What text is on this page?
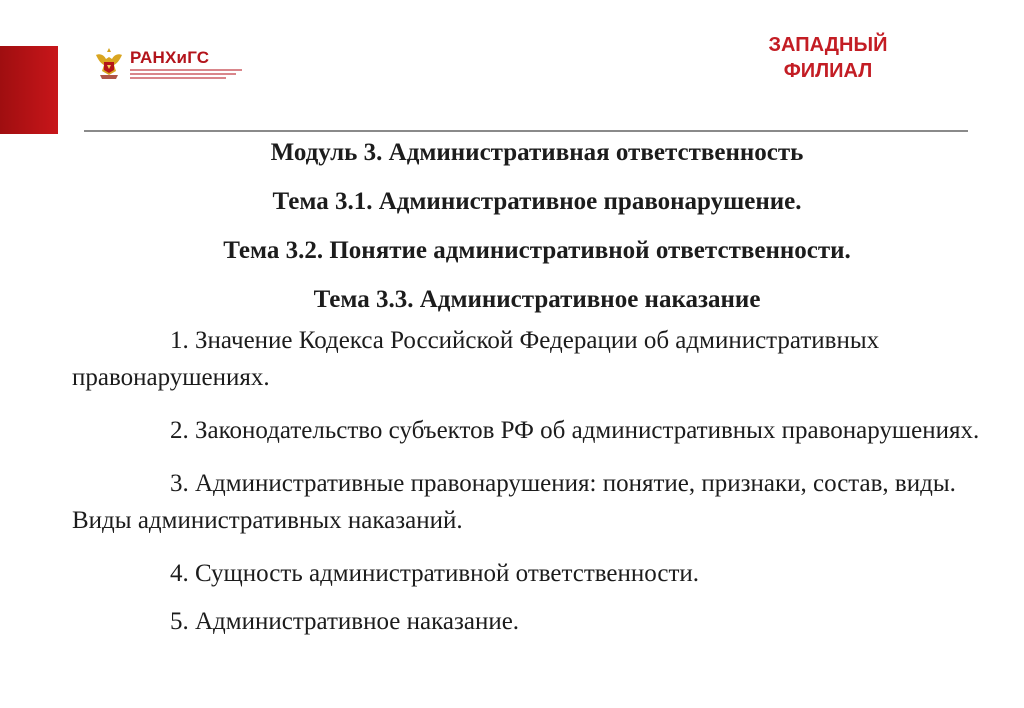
РАНХиГС
ЗАПАДНЫЙ
ФИЛИАЛ

Модуль 3. Административная ответственность

Тема 3.1. Административное правонарушение.

Тема 3.2. Понятие административной ответственности.

Тема 3.3. Административное наказание

1. Значение Кодекса Российской Федерации об административных правонарушениях.

2. Законодательство субъектов РФ об административных правонарушениях.

3. Административные правонарушения: понятие, признаки, состав, виды. Виды административных наказаний.

4. Сущность административной ответственности.

5. Административное наказание.
